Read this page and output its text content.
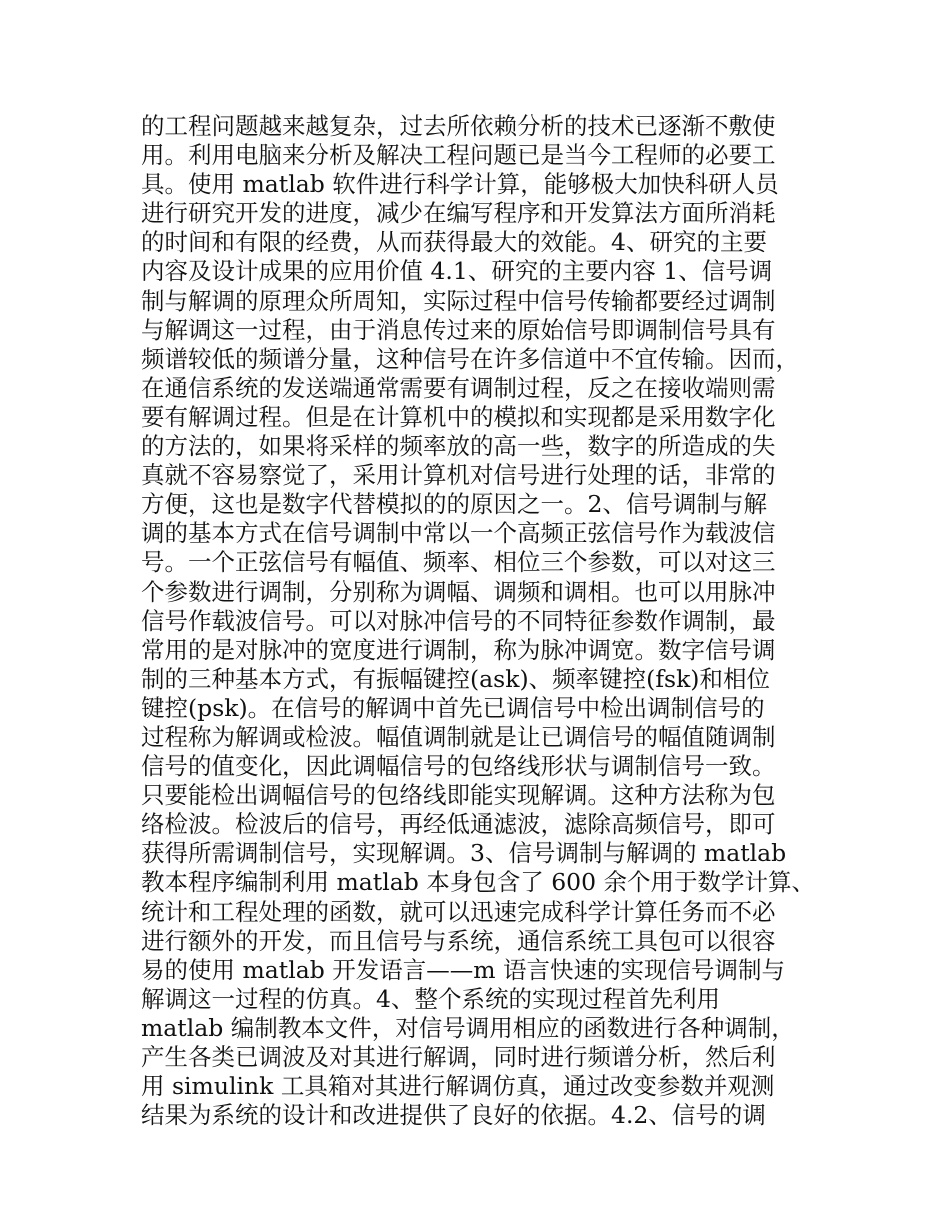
的工程问题越来越复杂，过去所依赖分析的技术已逐渐不敷使
用。利用电脑来分析及解决工程问题已是当今工程师的必要工
具。使用 matlab 软件进行科学计算，能够极大加快科研人员
进行研究开发的进度，减少在编写程序和开发算法方面所消耗
的时间和有限的经费，从而获得最大的效能。4、研究的主要
内容及设计成果的应用价值 4.1、研究的主要内容 1、信号调
制与解调的原理众所周知，实际过程中信号传输都要经过调制
与解调这一过程，由于消息传过来的原始信号即调制信号具有
频谱较低的频谱分量，这种信号在许多信道中不宜传输。因而，
在通信系统的发送端通常需要有调制过程，反之在接收端则需
要有解调过程。但是在计算机中的模拟和实现都是采用数字化
的方法的，如果将采样的频率放的高一些，数字的所造成的失
真就不容易察觉了，采用计算机对信号进行处理的话，非常的
方便，这也是数字代替模拟的的原因之一。2、信号调制与解
调的基本方式在信号调制中常以一个高频正弦信号作为载波信
号。一个正弦信号有幅值、频率、相位三个参数，可以对这三
个参数进行调制，分别称为调幅、调频和调相。也可以用脉冲
信号作载波信号。可以对脉冲信号的不同特征参数作调制，最
常用的是对脉冲的宽度进行调制，称为脉冲调宽。数字信号调
制的三种基本方式，有振幅键控(ask)、频率键控(fsk)和相位
键控(psk)。在信号的解调中首先已调信号中检出调制信号的
过程称为解调或检波。幅值调制就是让已调信号的幅值随调制
信号的值变化，因此调幅信号的包络线形状与调制信号一致。
只要能检出调幅信号的包络线即能实现解调。这种方法称为包
络检波。检波后的信号，再经低通滤波，滤除高频信号，即可
获得所需调制信号，实现解调。3、信号调制与解调的 matlab
教本程序编制利用 matlab 本身包含了 600 余个用于数学计算、
统计和工程处理的函数，就可以迅速完成科学计算任务而不必
进行额外的开发，而且信号与系统，通信系统工具包可以很容
易的使用 matlab 开发语言——m 语言快速的实现信号调制与
解调这一过程的仿真。4、整个系统的实现过程首先利用
matlab 编制教本文件，对信号调用相应的函数进行各种调制，
产生各类已调波及对其进行解调，同时进行频谱分析，然后利
用 simulink 工具箱对其进行解调仿真，通过改变参数并观测
结果为系统的设计和改进提供了良好的依据。4.2、信号的调
